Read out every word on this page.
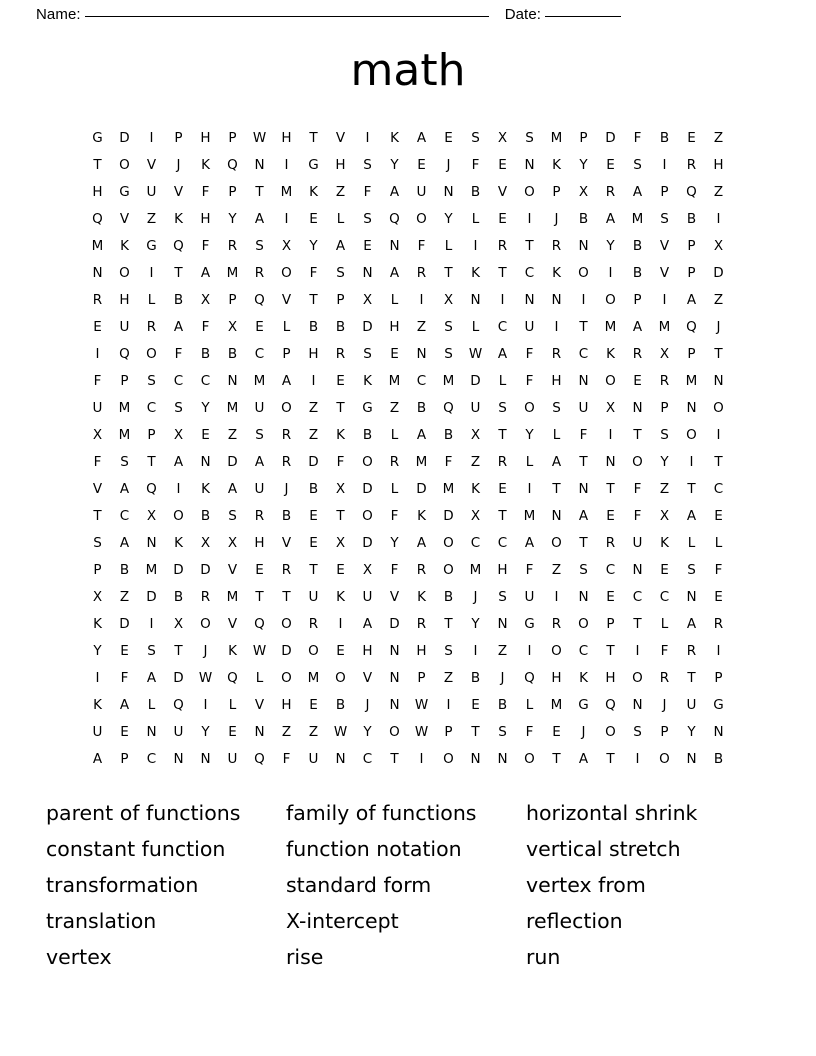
Name:	Date:
math
G	D	I	P	H	P	W	H	T	V	I	K	A	E	S	X	S	M	P	D	F	B	E	Z
T	O	V	J	K	Q	N	I	G	H	S	Y	E	J	F	E	N	K	Y	E	S	I	R	H
H	G	U	V	F	P	T	M	K	Z	F	A	U	N	B	V	O	P	X	R	A	P	Q	Z
Q	V	Z	K	H	Y	A	I	E	L	S	Q	O	Y	L	E	I	J	B	A	M	S	B	I
M	K	G	Q	F	R	S	X	Y	A	E	N	F	L	I	R	T	R	N	Y	B	V	P	X
N	O	I	T	A	M	R	O	F	S	N	A	R	T	K	T	C	K	O	I	B	V	P	D
R	H	L	B	X	P	Q	V	T	P	X	L	I	X	N	I	N	N	I	O	P	I	A	Z
E	U	R	A	F	X	E	L	B	B	D	H	Z	S	L	C	U	I	T	M	A	M	Q	J
I	Q	O	F	B	B	C	P	H	R	S	E	N	S	W	A	F	R	C	K	R	X	P	T
F	P	S	C	C	N	M	A	I	E	K	M	C	M	D	L	F	H	N	O	E	R	M	N
U	M	C	S	Y	M	U	O	Z	T	G	Z	B	Q	U	S	O	S	U	X	N	P	N	O
X	M	P	X	E	Z	S	R	Z	K	B	L	A	B	X	T	Y	L	F	I	T	S	O	I
F	S	T	A	N	D	A	R	D	F	O	R	M	F	Z	R	L	A	T	N	O	Y	I	T
V	A	Q	I	K	A	U	J	B	X	D	L	D	M	K	E	I	T	N	T	F	Z	T	C
T	C	X	O	B	S	R	B	E	T	O	F	K	D	X	T	M	N	A	E	F	X	A	E
S	A	N	K	X	X	H	V	E	X	D	Y	A	O	C	C	A	O	T	R	U	K	L	L
P	B	M	D	D	V	E	R	T	E	X	F	R	O	M	H	F	Z	S	C	N	E	S	F
X	Z	D	B	R	M	T	T	U	K	U	V	K	B	J	S	U	I	N	E	C	C	N	E
K	D	I	X	O	V	Q	O	R	I	A	D	R	T	Y	N	G	R	O	P	T	L	A	R
Y	E	S	T	J	K	W	D	O	E	H	N	H	S	I	Z	I	O	C	T	I	F	R	I
I	F	A	D	W	Q	L	O	M	O	V	N	P	Z	B	J	Q	H	K	H	O	R	T	P
K	A	L	Q	I	L	V	H	E	B	J	N	W	I	E	B	L	M	G	Q	N	J	U	G
U	E	N	U	Y	E	N	Z	Z	W	Y	O	W	P	T	S	F	E	J	O	S	P	Y	N
A	P	C	N	N	U	Q	F	U	N	C	T	I	O	N	N	O	T	A	T	I	O	N	B
parent of functions
constant function
transformation
translation
vertex
family of functions
function notation
standard form
X-intercept
rise
horizontal shrink
vertical stretch
vertex from
reflection
run
